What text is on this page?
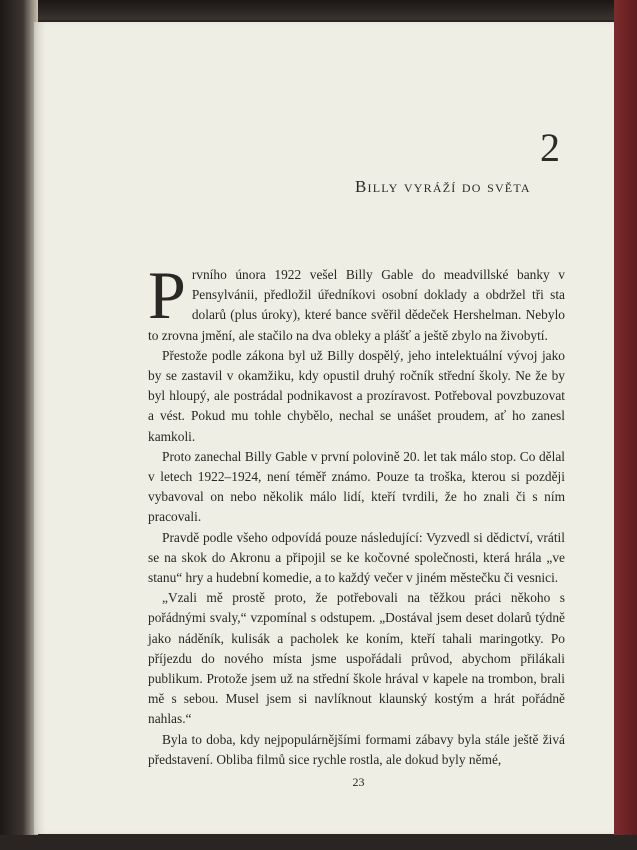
2
Billy vyráží do světa

Prvního února 1922 vešel Billy Gable do meadvillské banky v Pensylvánii, předložil úředníkovi osobní doklady a obdržel tři sta dolarů (plus úroky), které bance svěřil dědeček Hershelman. Nebylo to zrovna jmění, ale stačilo na dva obleky a plášť a ještě zbylo na živobytí.

Přestože podle zákona byl už Billy dospělý, jeho intelektuální vývoj jako by se zastavil v okamžiku, kdy opustil druhý ročník střední školy. Ne že by byl hloupý, ale postrádal podnikavost a prozíravost. Potřeboval povzbuzovat a vést. Pokud mu tohle chybělo, nechal se unášet proudem, ať ho zanesl kamkoli.

Proto zanechal Billy Gable v první polovině 20. let tak málo stop. Co dělal v letech 1922–1924, není téměř známo. Pouze ta troška, kterou si později vybavoval on nebo několik málo lidí, kteří tvrdili, že ho znali či s ním pracovali.

Pravdě podle všeho odpovídá pouze následující: Vyzvedl si dědictví, vrátil se na skok do Akronu a připojil se ke kočovné společnosti, která hrála „ve stanu“ hry a hudební komedie, a to každý večer v jiném městečku či vesnici.

„Vzali mě prostě proto, že potřebovali na těžkou práci někoho s pořádnými svaly,“ vzpomínal s odstupem. „Dostával jsem deset dolarů týdně jako náděník, kulisák a pacholek ke koním, kteří tahali maringotky. Po příjezdu do nového místa jsme uspořádali průvod, abychom přilákali publikum. Protože jsem už na střední škole hrával v kapele na trombon, brali mě s sebou. Musel jsem si navlíknout klaunský kostým a hrát pořádně nahlas.“

Byla to doba, kdy nejpopulárnějšími formami zábavy byla stále ještě živá představení. Obliba filmů sice rychle rostla, ale dokud byly němé,

23
